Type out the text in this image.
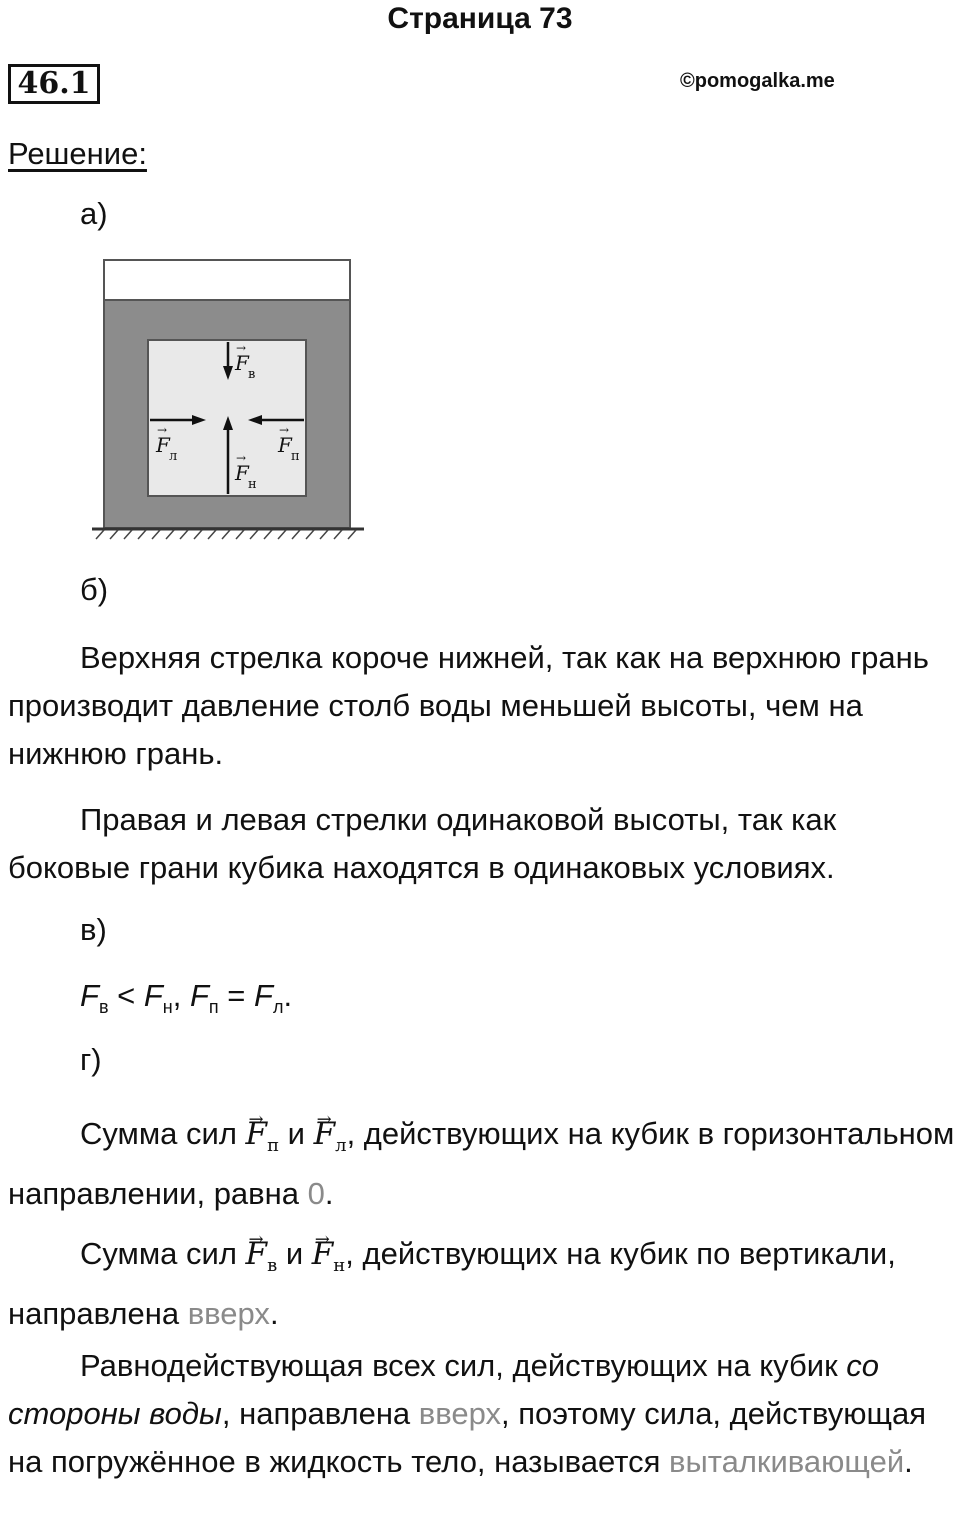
Страница 73
46.1	©pomogalka.me
Решение:
а)
F в
F л
F н
F п
→
→
→
→
б)
Верхняя стрелка короче нижней, так как на верхнюю грань производит давление столб воды меньшей высоты, чем на нижнюю грань.
Правая и левая стрелки одинаковой высоты, так как боковые грани кубика находятся в одинаковых условиях.
в)
$F_в < F_н$, $F_п = F_л$.
г)
Сумма сил → $F_п$ $и \to F_л$, действующих на кубик в горизонтальном направлении, равна 0.
Сумма сил → $F_в$ $и \to F_н$, действующих на кубик по вертикали, направлена вверх.
Равнодействующая всех сил, действующих на кубик со стороны воды, направлена вверх, поэтому сила, действующая на погружённое в жидкость тело, называется выталкивающей.
